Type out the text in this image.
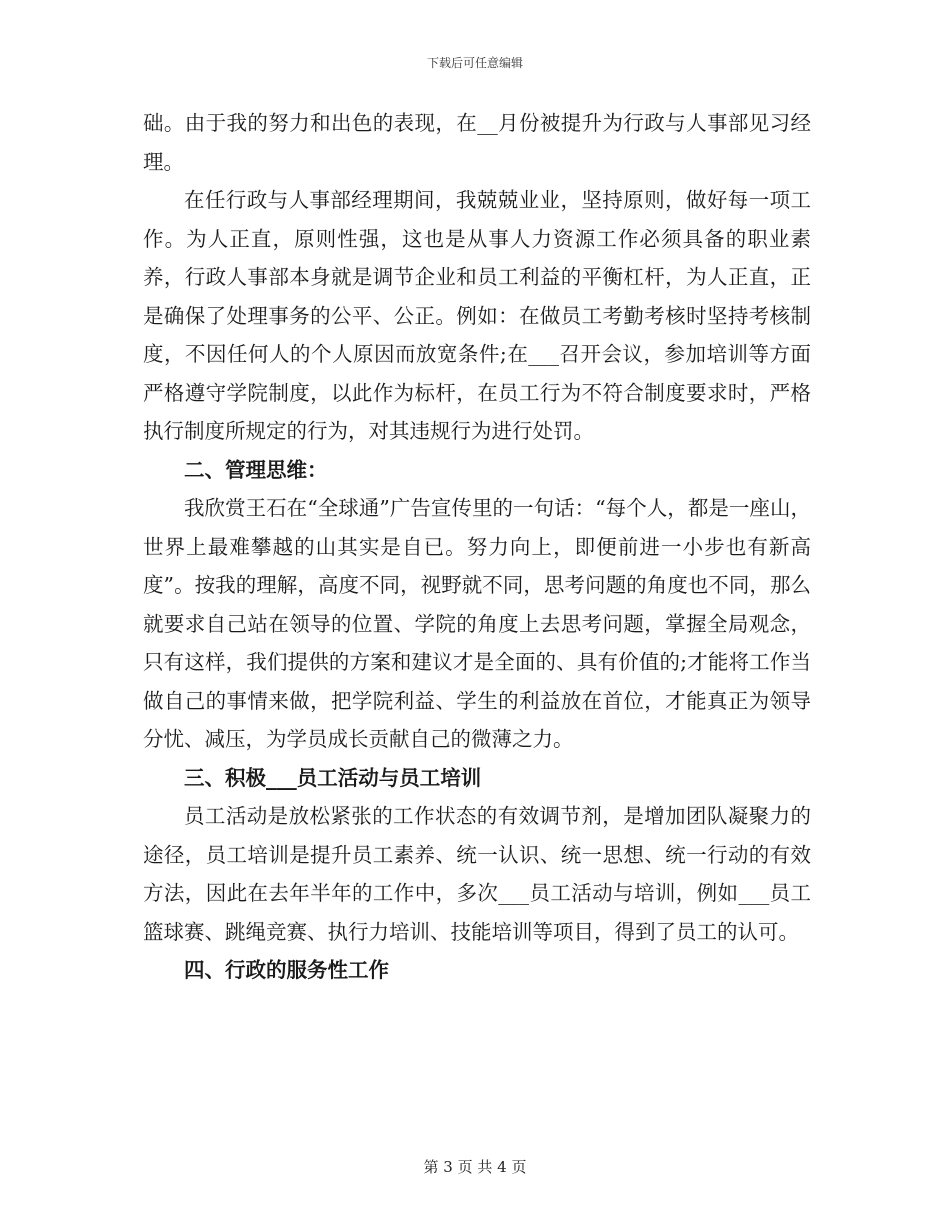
下载后可任意编辑

础。由于我的努力和出色的表现，在__月份被提升为行政与人事部见习经理。

在任行政与人事部经理期间，我兢兢业业，坚持原则，做好每一项工作。为人正直，原则性强，这也是从事人力资源工作必须具备的职业素养，行政人事部本身就是调节企业和员工利益的平衡杠杆，为人正直，正是确保了处理事务的公平、公正。例如：在做员工考勤考核时坚持考核制度，不因任何人的个人原因而放宽条件;在___召开会议，参加培训等方面严格遵守学院制度，以此作为标杆，在员工行为不符合制度要求时，严格执行制度所规定的行为，对其违规行为进行处罚。

二、管理思维：

我欣赏王石在“全球通”广告宣传里的一句话：“每个人，都是一座山，世界上最难攀越的山其实是自已。努力向上，即便前进一小步也有新高度”。按我的理解，高度不同，视野就不同，思考问题的角度也不同，那么就要求自己站在领导的位置、学院的角度上去思考问题，掌握全局观念，只有这样，我们提供的方案和建议才是全面的、具有价值的;才能将工作当做自己的事情来做，把学院利益、学生的利益放在首位，才能真正为领导分忧、减压，为学员成长贡献自己的微薄之力。

三、积极___员工活动与员工培训

员工活动是放松紧张的工作状态的有效调节剂，是增加团队凝聚力的途径，员工培训是提升员工素养、统一认识、统一思想、统一行动的有效方法，因此在去年半年的工作中，多次___员工活动与培训，例如___员工篮球赛、跳绳竞赛、执行力培训、技能培训等项目，得到了员工的认可。

四、行政的服务性工作

第 3 页 共 4 页
